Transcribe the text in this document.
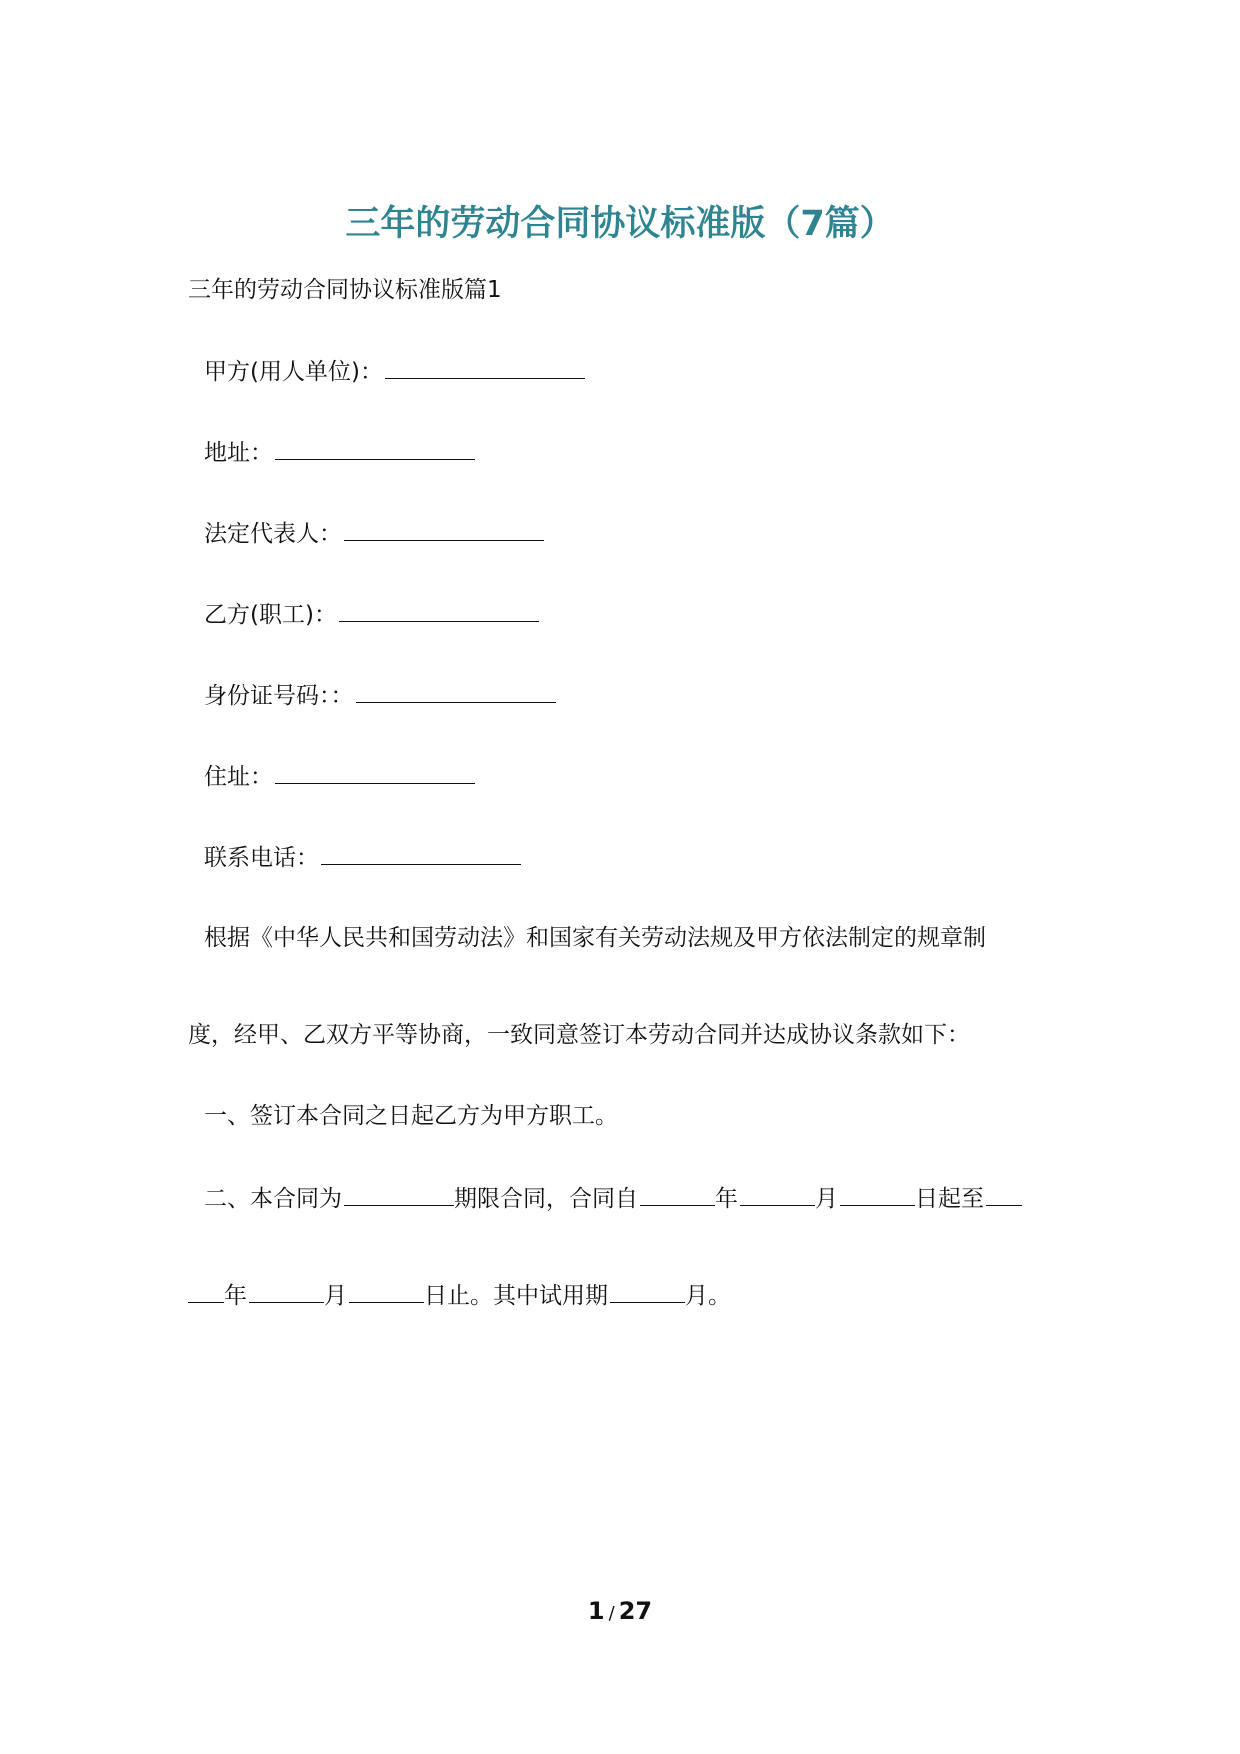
三年的劳动合同协议标准版（7篇）
三年的劳动合同协议标准版篇1
甲方(用人单位)：
地址：
法定代表人：
乙方(职工)：
身份证号码：：
住址：
联系电话：
根据《中华人民共和国劳动法》和国家有关劳动法规及甲方依法制定的规章制
度，经甲、乙双方平等协商，一致同意签订本劳动合同并达成协议条款如下：
一、签订本合同之日起乙方为甲方职工。
二、本合同为	期限合同，合同自	年	月	日起至
年	月	日止。其中试用期	月。
1 / 27
